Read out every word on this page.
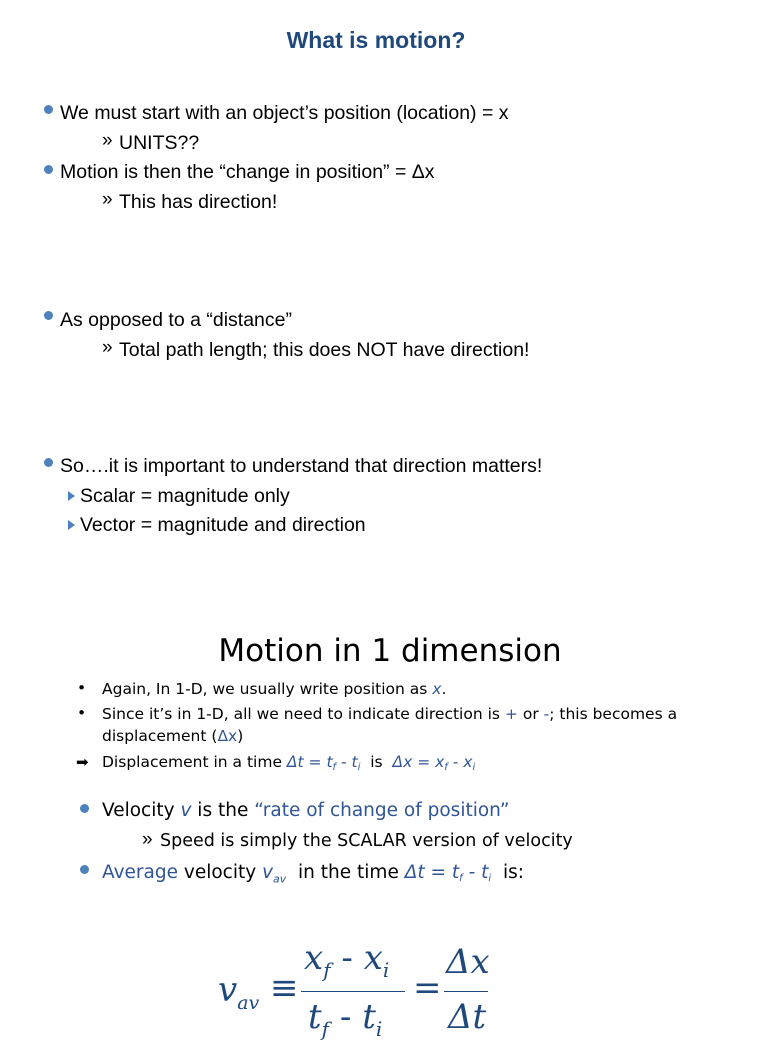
What is motion?
We must start with an object’s position (location) = x
» UNITS??
Motion is then the “change in position” = Δx
» This has direction!
As opposed to a “distance”
» Total path length; this does NOT have direction!
So….it is important to understand that direction matters!
Scalar = magnitude only
Vector = magnitude and direction
Motion in 1 dimension
• Again, In 1-D, we usually write position as x.
• Since it’s in 1-D, all we need to indicate direction is + or -; this becomes a
displacement (Δx)
➡ Displacement in a time $\Delta t = t_f - t_i$ is $\Delta x = x_f - x_i$
Velocity v is the “rate of change of position”
» Speed is simply the SCALAR version of velocity
Average velocity $v_{av}$ in the time $\Delta t = t_f - t_i$ is:
$v_{av}$ ≡
$x_f - x_i$
$t_f - t_i$
=
Δx
Δt
